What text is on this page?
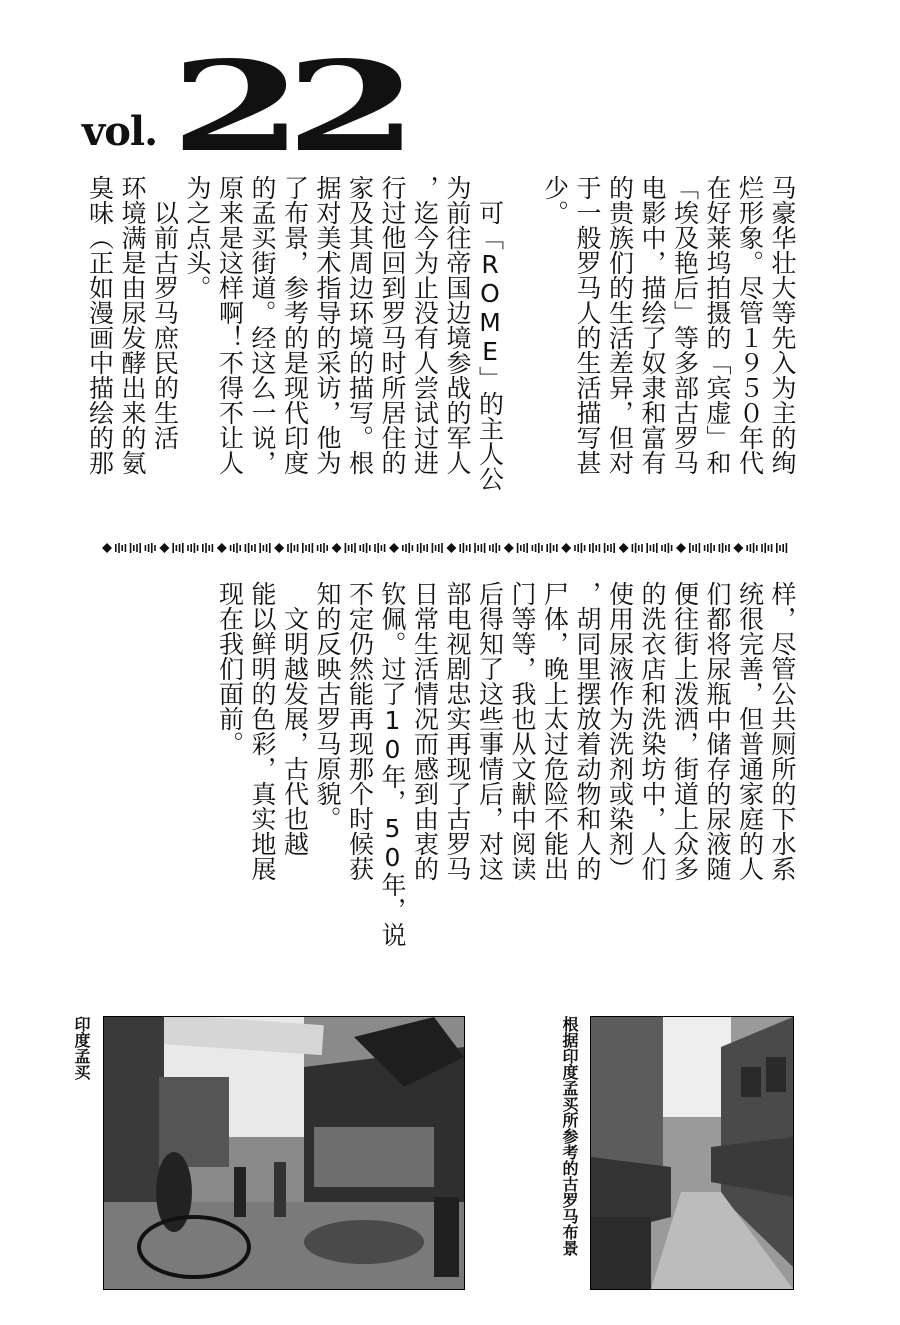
vol. 22
马豪华壮大等先入为主的绚
烂形象。尽管１９５０年代
在好莱坞拍摄的「宾虚」和
「埃及艳后」等多部古罗马
电影中，描绘了奴隶和富有
的贵族们的生活差异，但对
于一般罗马人的生活描写甚
少。
　可「ROME」的主人公
为前往帝国边境参战的军人
，迄今为止没有人尝试过进
行过他回到罗马时所居住的
家及其周边环境的描写。根
据对美术指导的采访，他为
了布景，参考的是现代印度
的孟买街道。经这么一说，
原来是这样啊！不得不让人
为之点头。
　以前古罗马庶民的生活
环境满是由尿发酵出来的氨
臭味（正如漫画中描绘的那
样，尽管公共厕所的下水系
统很完善，但普通家庭的人
们都将尿瓶中储存的尿液随
便往街上泼洒，街道上众多
的洗衣店和洗染坊中，人们
使用尿液作为洗剂或染剂）
，胡同里摆放着动物和人的
尸体，晚上太过危险不能出
门等等，我也从文献中阅读
后得知了这些事情后，对这
部电视剧忠实再现了古罗马
日常生活情况而感到由衷的
钦佩。过了10年，50年，说
不定仍然能再现那个时候获
知的反映古罗马原貌。
　文明越发展，古代也越
能以鲜明的色彩，真实地展
现在我们面前。
印度孟买	根据印度孟买所参考的古罗马布景
